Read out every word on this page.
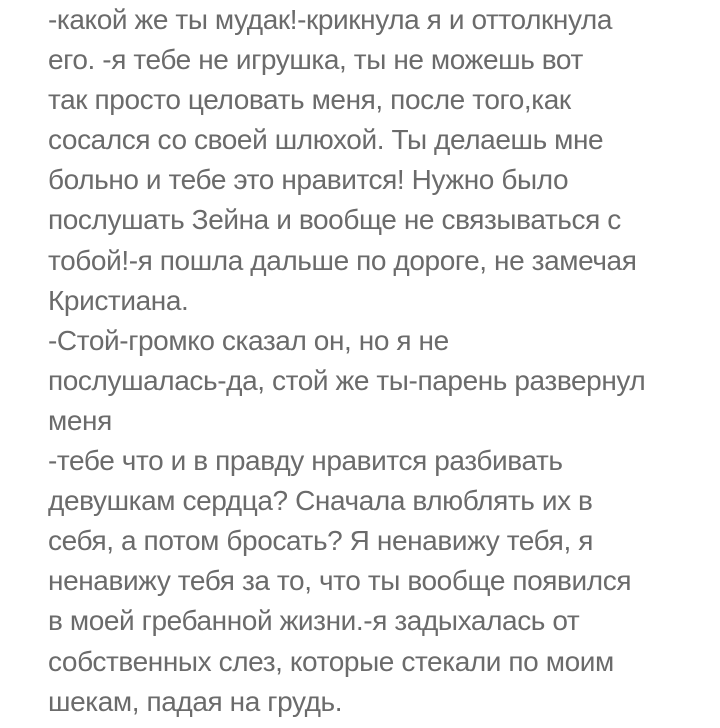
-какой же ты мудак!-крикнула я и оттолкнула
его. -я тебе не игрушка, ты не можешь вот
так просто целовать меня, после того,как
сосался со своей шлюхой. Ты делаешь мне
больно и тебе это нравится! Нужно было
послушать Зейна и вообще не связываться с
тобой!-я пошла дальше по дороге, не замечая
Кристиана.
-Стой-громко сказал он, но я не
послушалась-да, стой же ты-парень развернул
меня
-тебе что и в правду нравится разбивать
девушкам сердца? Сначала влюблять их в
себя, а потом бросать? Я ненавижу тебя, я
ненавижу тебя за то, что ты вообще появился
в моей гребанной жизни.-я задыхалась от
собственных слез, которые стекали по моим
шекам, падая на грудь.
